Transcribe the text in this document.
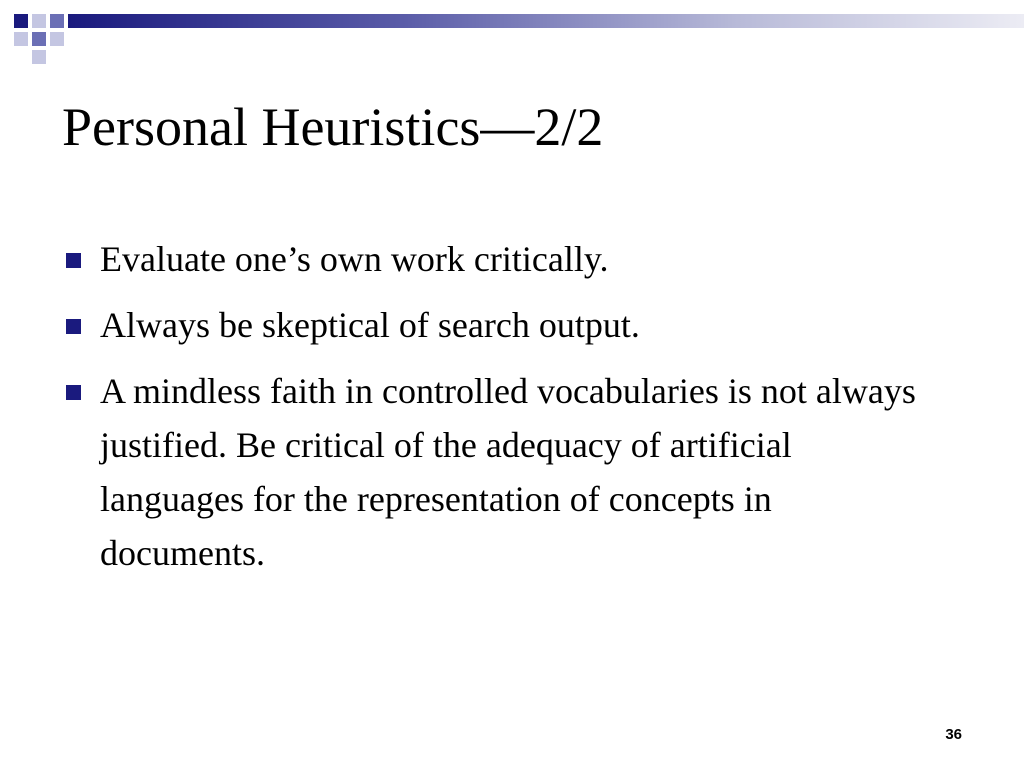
Personal Heuristics—2/2
Evaluate one’s own work critically.
Always be skeptical of search output.
A mindless faith in controlled vocabularies is not always justified. Be critical of the adequacy of artificial languages for the representation of concepts in documents.
36
